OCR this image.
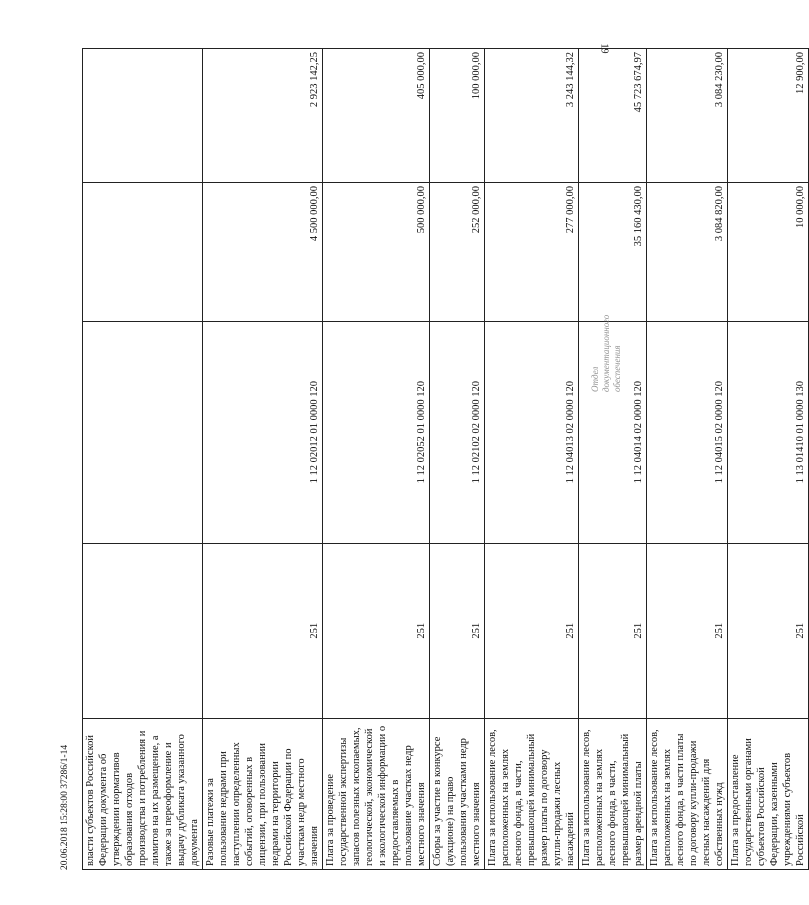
19
власти субъектов Российской Федерации документа об утверждении нормативов образования отходов производства и потребления и лимитов на их размещение, а также за переоформление и выдачу дубликата указанного документа				
Разовые платежи за пользование недрами при наступлении определенных событий, оговоренных в лицензии, при пользовании недрами на территории Российской Федерации по участкам недр местного значения	251	1 12 02012 01 0000 120	4 500 000,00	2 923 142,25
Плата за проведение государственной экспертизы запасов полезных ископаемых, геологической, экономической и экологической информации о предоставляемых в пользование участках недр местного значения	251	1 12 02052 01 0000 120	500 000,00	405 000,00
Сборы за участие в конкурсе (аукционе) на право пользования участками недр местного значения	251	1 12 02102 02 0000 120	252 000,00	100 000,00
Плата за использование лесов, расположенных на землях лесного фонда, в части, превышающей минимальный размер платы по договору купли-продажи лесных насаждений	251	1 12 04013 02 0000 120	277 000,00	3 243 144,32
Плата за использование лесов, расположенных на землях лесного фонда, в части, превышающей минимальный размер арендной платы	251	1 12 04014 02 0000 120	35 160 430,00	45 723 674,97
Плата за использование лесов, расположенных на землях лесного фонда, в части платы по договору купли-продажи лесных насаждений для собственных нужд	251	1 12 04015 02 0000 120	3 084 820,00	3 084 230,00
Плата за предоставление государственными органами субъектов Российской Федерации, казенными учреждениями субъектов Российской	251	1 13 01410 01 0000 130	10 000,00	12 900,00
20.06.2018 15:28:00 37286/1-14
Отдел документационного обеспечения
